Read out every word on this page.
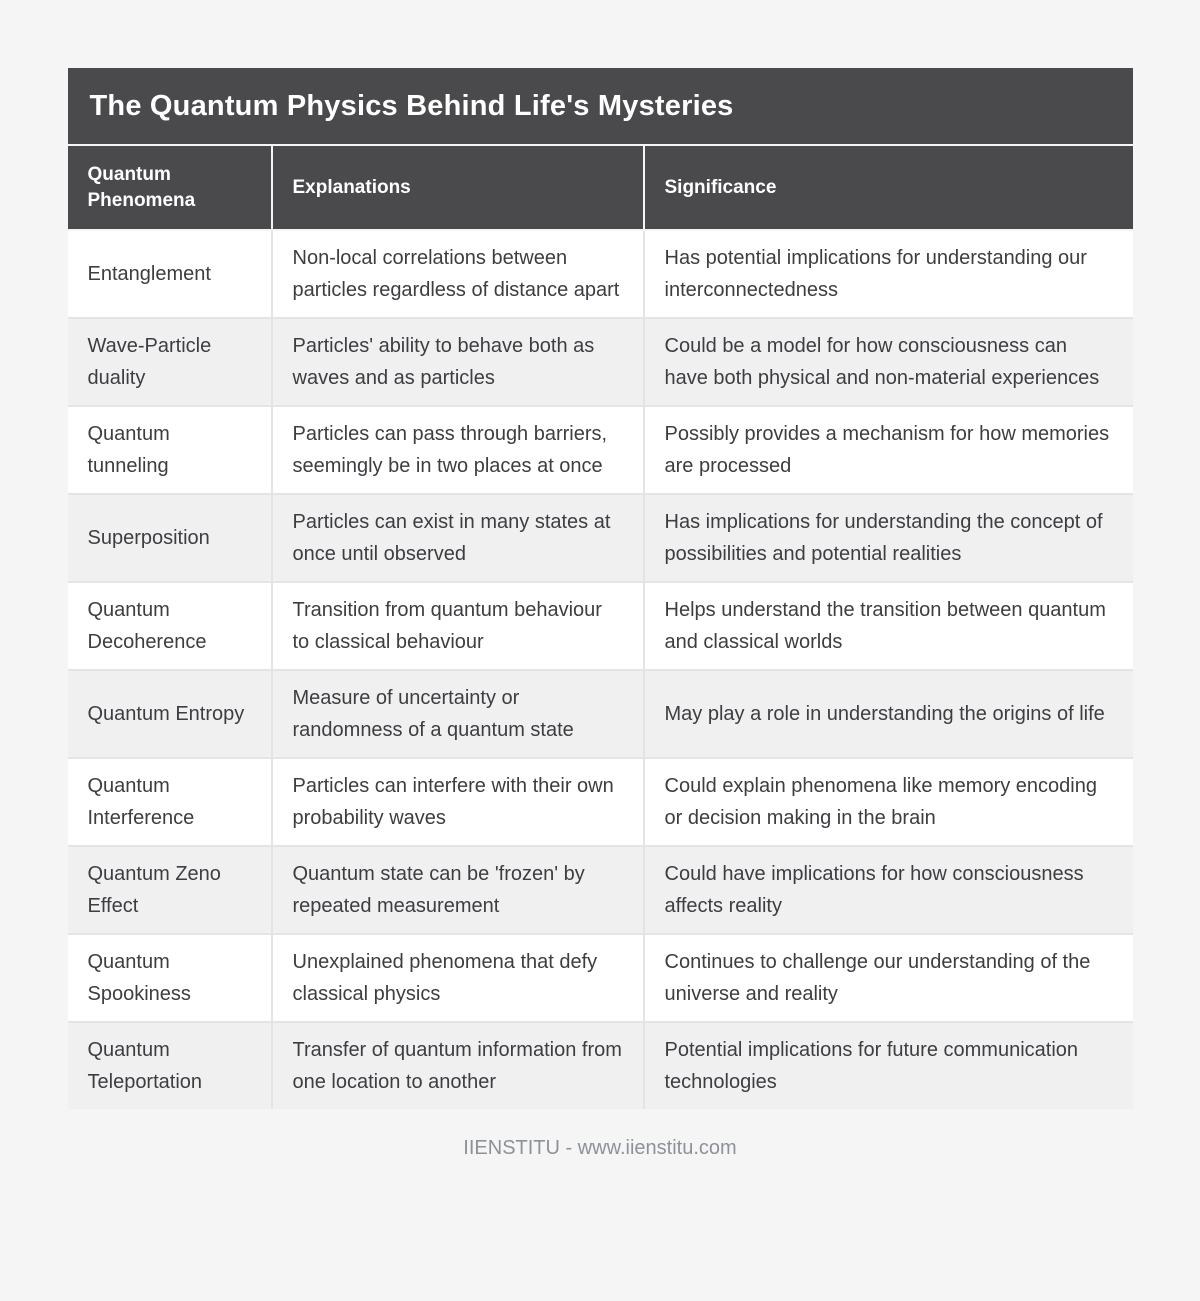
The Quantum Physics Behind Life's Mysteries
Quantum Phenomena	Explanations	Significance
Entanglement	Non-local correlations between particles regardless of distance apart	Has potential implications for understanding our interconnectedness
Wave-Particle duality	Particles' ability to behave both as waves and as particles	Could be a model for how consciousness can have both physical and non-material experiences
Quantum tunneling	Particles can pass through barriers, seemingly be in two places at once	Possibly provides a mechanism for how memories are processed
Superposition	Particles can exist in many states at once until observed	Has implications for understanding the concept of possibilities and potential realities
Quantum Decoherence	Transition from quantum behaviour to classical behaviour	Helps understand the transition between quantum and classical worlds
Quantum Entropy	Measure of uncertainty or randomness of a quantum state	May play a role in understanding the origins of life
Quantum Interference	Particles can interfere with their own probability waves	Could explain phenomena like memory encoding or decision making in the brain
Quantum Zeno Effect	Quantum state can be 'frozen' by repeated measurement	Could have implications for how consciousness affects reality
Quantum Spookiness	Unexplained phenomena that defy classical physics	Continues to challenge our understanding of the universe and reality
Quantum Teleportation	Transfer of quantum information from one location to another	Potential implications for future communication technologies
IIENSTITU - www.iienstitu.com
